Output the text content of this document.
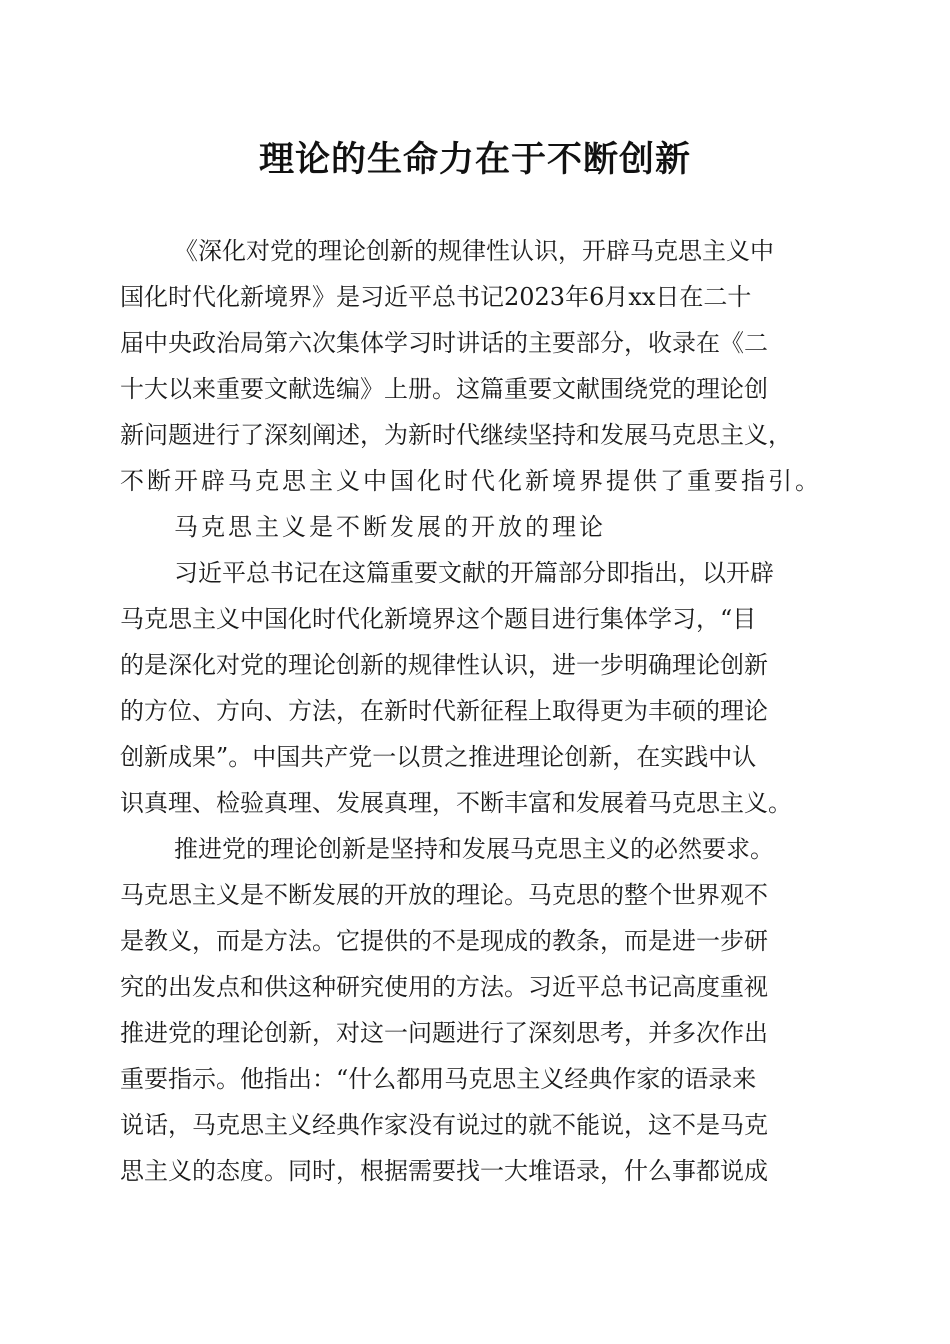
理论的生命力在于不断创新
《深化对党的理论创新的规律性认识，开辟马克思主义中
国化时代化新境界》是习近平总书记2023年6月xx日在二十
届中央政治局第六次集体学习时讲话的主要部分，收录在《二
十大以来重要文献选编》上册。这篇重要文献围绕党的理论创
新问题进行了深刻阐述，为新时代继续坚持和发展马克思主义，
不断开辟马克思主义中国化时代化新境界提供了重要指引。
马克思主义是不断发展的开放的理论
习近平总书记在这篇重要文献的开篇部分即指出，以开辟
马克思主义中国化时代化新境界这个题目进行集体学习，“目
的是深化对党的理论创新的规律性认识，进一步明确理论创新
的方位、方向、方法，在新时代新征程上取得更为丰硕的理论
创新成果”。中国共产党一以贯之推进理论创新，在实践中认
识真理、检验真理、发展真理，不断丰富和发展着马克思主义。
推进党的理论创新是坚持和发展马克思主义的必然要求。
马克思主义是不断发展的开放的理论。马克思的整个世界观不
是教义，而是方法。它提供的不是现成的教条，而是进一步研
究的出发点和供这种研究使用的方法。习近平总书记高度重视
推进党的理论创新，对这一问题进行了深刻思考，并多次作出
重要指示。他指出：“什么都用马克思主义经典作家的语录来
说话，马克思主义经典作家没有说过的就不能说，这不是马克
思主义的态度。同时，根据需要找一大堆语录，什么事都说成
